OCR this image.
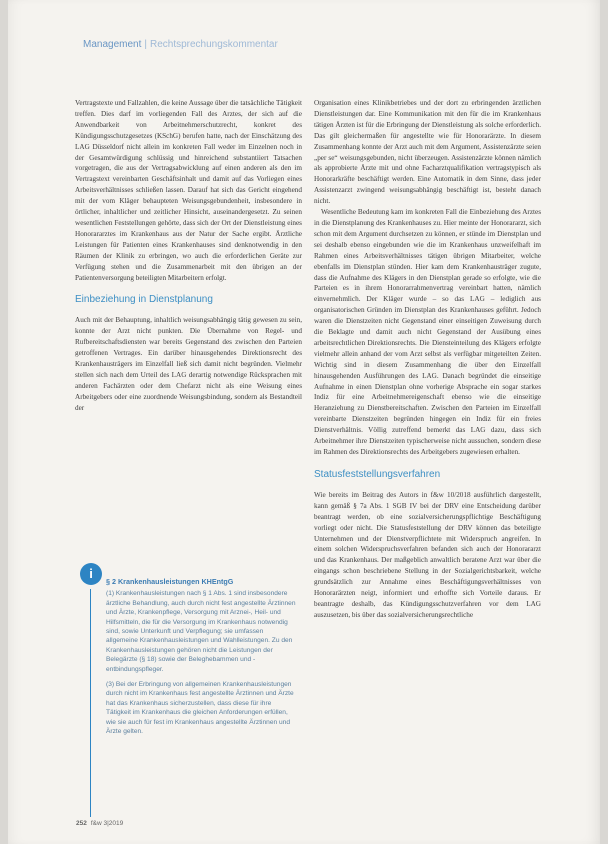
Management | Rechtsprechungskommentar

Vertragstexte und Fallzahlen, die keine Aussage über die tatsächliche Tätigkeit treffen. Dies darf im vorliegenden Fall des Arztes, der sich auf die Anwendbarkeit von Arbeitnehmerschutzrecht, konkret des Kündigungsschutzgesetzes (KSchG) berufen hatte, nach der Einschätzung des LAG Düsseldorf nicht allein im konkreten Fall weder im Einzelnen noch in der Gesamtwürdigung schlüssig und hinreichend substantiiert Tatsachen vorgetragen, die aus der Vertragsabwicklung auf einen anderen als den im Vertragstext vereinbarten Geschäftsinhalt und damit auf das Vorliegen eines Arbeitsverhältnisses schließen lassen. Darauf hat sich das Gericht eingehend mit der vom Kläger behaupteten Weisungsgebundenheit, insbesondere in örtlicher, inhaltlicher und zeitlicher Hinsicht, auseinandergesetzt. Zu seinen wesentlichen Feststellungen gehörte, dass sich der Ort der Dienstleistung eines Honorararztes im Krankenhaus aus der Natur der Sache ergibt. Ärztliche Leistungen für Patienten eines Krankenhauses sind denknotwendig in den Räumen der Klinik zu erbringen, wo auch die erforderlichen Geräte zur Verfügung stehen und die Zusammenarbeit mit den übrigen an der Patientenversorgung beteiligten Mitarbeitern erfolgt.

Einbeziehung in Dienstplanung

Auch mit der Behauptung, inhaltlich weisungsabhängig tätig gewesen zu sein, konnte der Arzt nicht punkten. Die Übernahme von Regel- und Rufbereitschaftsdiensten war bereits Gegenstand des zwischen den Parteien getroffenen Vertrages. Ein darüber hinausgehendes Direktionsrecht des Krankenhausträgers im Einzelfall ließ sich damit nicht begründen. Vielmehr stellen sich nach dem Urteil des LAG derartig notwendige Rücksprachen mit anderen Fachärzten oder dem Chefarzt nicht als eine Weisung eines Arbeitgebers oder eine zuordnende Weisungsbindung, sondern als Bestandteil der

Organisation eines Klinikbetriebes und der dort zu erbringenden ärztlichen Dienstleistungen dar. Eine Kommunikation mit den für die im Krankenhaus tätigen Ärzten ist für die Erbringung der Dienstleistung als solche erforderlich. Das gilt gleichermaßen für angestellte wie für Honorarärzte. In diesem Zusammenhang konnte der Arzt auch mit dem Argument, Assistenzärzte seien „per se“ weisungsgebunden, nicht überzeugen. Assistenzärzte können nämlich als approbierte Ärzte mit und ohne Facharztqualifikation vertragstypisch als Honorarkräfte beschäftigt werden. Eine Automatik in dem Sinne, dass jeder Assistenzarzt zwingend weisungsabhängig beschäftigt ist, besteht danach nicht.

Wesentliche Bedeutung kam im konkreten Fall die Einbeziehung des Arztes in die Dienstplanung des Krankenhauses zu. Hier meinte der Honorararzt, sich schon mit dem Argument durchsetzen zu können, er stünde im Dienstplan und sei deshalb ebenso eingebunden wie die im Krankenhaus unzweifelhaft im Rahmen eines Arbeitsverhältnisses tätigen übrigen Mitarbeiter, welche ebenfalls im Dienstplan stünden. Hier kam dem Krankenhausträger zugute, dass die Aufnahme des Klägers in den Dienstplan gerade so erfolgte, wie die Parteien es in ihrem Honorarrahmenvertrag vereinbart hatten, nämlich einvernehmlich. Der Kläger wurde – so das LAG – lediglich aus organisatorischen Gründen im Dienstplan des Krankenhauses geführt. Jedoch waren die Dienstzeiten nicht Gegenstand einer einseitigen Zuweisung durch die Beklagte und damit auch nicht Gegenstand der Ausübung eines arbeitsrechtlichen Direktionsrechts. Die Diensteinteilung des Klägers erfolgte vielmehr allein anhand der vom Arzt selbst als verfügbar mitgeteilten Zeiten. Wichtig sind in diesem Zusammenhang die über den Einzelfall hinausgehenden Ausführungen des LAG. Danach begründet die einseitige Aufnahme in einen Dienstplan ohne vorherige Absprache ein sogar starkes Indiz für eine Arbeitnehmereigenschaft ebenso wie die einseitige Heranziehung zu Dienstbereitschaften. Zwischen den Parteien im Einzelfall vereinbarte Dienstzeiten begründen hingegen ein Indiz für ein freies Dienstverhältnis. Völlig zutreffend bemerkt das LAG dazu, dass sich Arbeitnehmer ihre Dienstzeiten typischerweise nicht aussuchen, sondern diese im Rahmen des Direktionsrechts des Arbeitgebers zugewiesen erhalten.

Statusfeststellungsverfahren

Wie bereits im Beitrag des Autors in f&w 10/2018 ausführlich dargestellt, kann gemäß § 7a Abs. 1 SGB IV bei der DRV eine Entscheidung darüber beantragt werden, ob eine sozialversicherungspflichtige Beschäftigung vorliegt oder nicht. Die Statusfeststellung der DRV können das beteiligte Unternehmen und der Dienstverpflichtete mit Widerspruch angreifen. In einem solchen Widerspruchsverfahren befanden sich auch der Honorararzt und das Krankenhaus. Der maßgeblich anwaltlich beratene Arzt war über die eingangs schon beschriebene Stellung in der Sozialgerichtsbarkeit, welche grundsätzlich zur Annahme eines Beschäftigungsverhältnisses von Honorarärzten neigt, informiert und erhoffte sich Vorteile daraus. Er beantragte deshalb, das Kündigungsschutzverfahren vor dem LAG auszusetzen, bis über das sozialversicherungsrechtliche

i
§ 2 Krankenhausleistungen KHEntgG

(1) Krankenhausleistungen nach § 1 Abs. 1 sind insbesondere ärztliche Behandlung, auch durch nicht fest angestellte Ärztinnen und Ärzte, Krankenpflege, Versorgung mit Arznei-, Heil- und Hilfsmitteln, die für die Versorgung im Krankenhaus notwendig sind, sowie Unterkunft und Verpflegung; sie umfassen allgemeine Krankenhausleistungen und Wahlleistungen. Zu den Krankenhausleistungen gehören nicht die Leistungen der Belegärzte (§ 18) sowie der Beleghebammen und -entbindungspfleger.

(3) Bei der Erbringung von allgemeinen Krankenhausleistungen durch nicht im Krankenhaus fest angestellte Ärztinnen und Ärzte hat das Krankenhaus sicherzustellen, dass diese für ihre Tätigkeit im Krankenhaus die gleichen Anforderungen erfüllen, wie sie auch für fest im Krankenhaus angestellte Ärztinnen und Ärzte gelten.

252 f&w 3|2019
